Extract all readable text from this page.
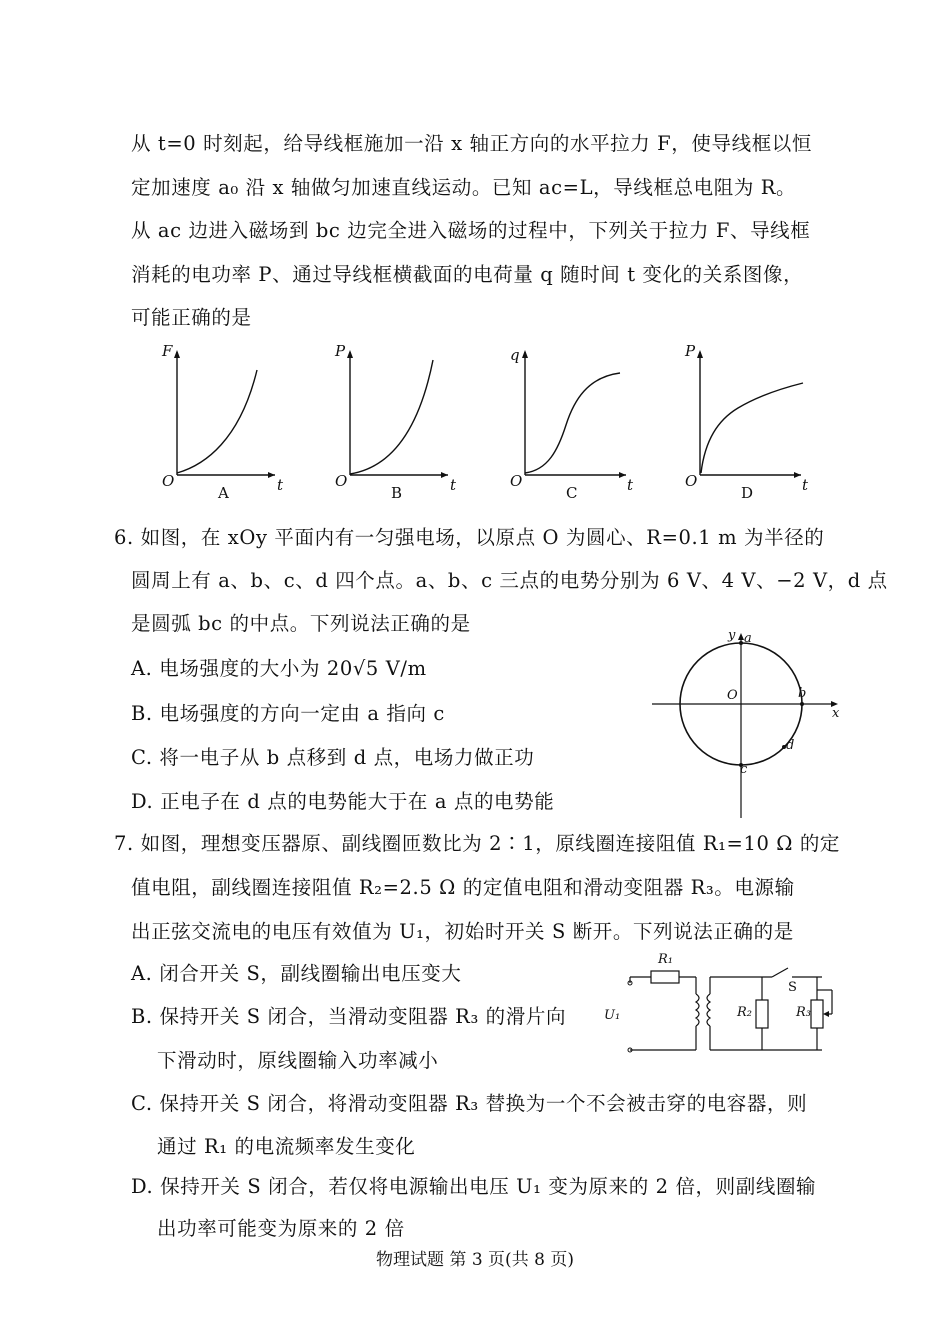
从 t=0 时刻起，给导线框施加一沿 x 轴正方向的水平拉力 F，使导线框以恒
定加速度 a₀ 沿 x 轴做匀加速直线运动。已知 ac=L，导线框总电阻为 R。
从 ac 边进入磁场到 bc 边完全进入磁场的过程中，下列关于拉力 F、导线框
消耗的电功率 P、通过导线框横截面的电荷量 q 随时间 t 变化的关系图像，
可能正确的是
F
O	t
A
P
O	t
B
q
O	t
C
P
O	t
D
6. 如图，在 xOy 平面内有一匀强电场，以原点 O 为圆心、R=0.1 m 为半径的
圆周上有 a、b、c、d 四个点。a、b、c 三点的电势分别为 6 V、4 V、−2 V，d 点
是圆弧 bc 的中点。下列说法正确的是
A. 电场强度的大小为 20√5 V/m
B. 电场强度的方向一定由 a 指向 c
C. 将一电子从 b 点移到 d 点，电场力做正功
D. 正电子在 d 点的电势能大于在 a 点的电势能
y
x
O
a
b
c
d
7. 如图，理想变压器原、副线圈匝数比为 2∶1，原线圈连接阻值 R₁=10 Ω 的定
值电阻，副线圈连接阻值 R₂=2.5 Ω 的定值电阻和滑动变阻器 R₃。电源输
出正弦交流电的电压有效值为 U₁，初始时开关 S 断开。下列说法正确的是
A. 闭合开关 S，副线圈输出电压变大
B. 保持开关 S 闭合，当滑动变阻器 R₃ 的滑片向
下滑动时，原线圈输入功率减小
C. 保持开关 S 闭合，将滑动变阻器 R₃ 替换为一个不会被击穿的电容器，则
通过 R₁ 的电流频率发生变化
D. 保持开关 S 闭合，若仅将电源输出电压 U₁ 变为原来的 2 倍，则副线圈输
出功率可能变为原来的 2 倍
R₁
U₁	R₂	R₃
S
物理试题 第 3 页(共 8 页)
